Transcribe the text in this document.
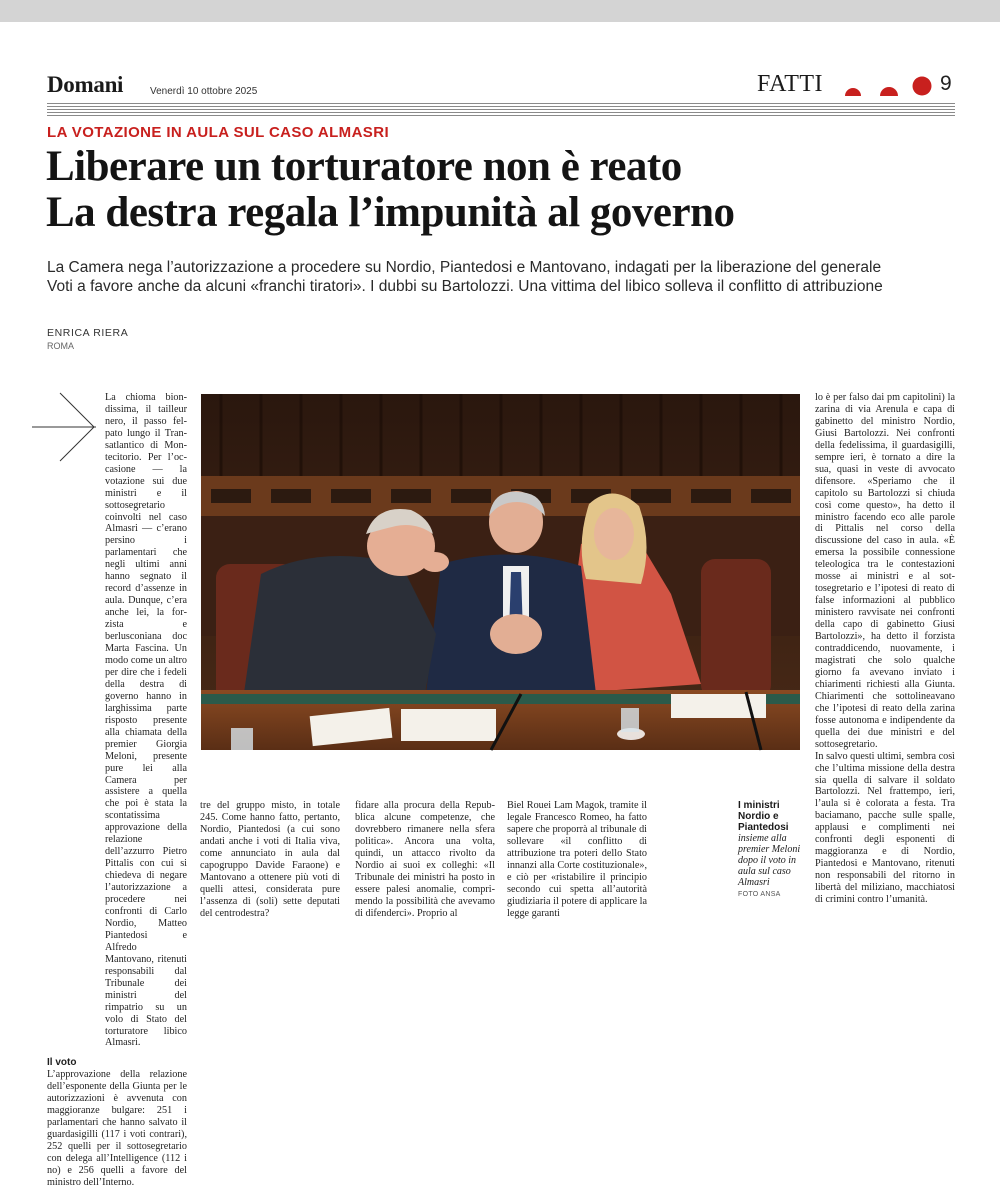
Domani	Venerdì 10 ottobre 2025	FATTI	9
LA VOTAZIONE IN AULA SUL CASO ALMASRI
Liberare un torturatore non è reato
La destra regala l’impunità al governo
La Camera nega l’autorizzazione a procedere su Nordio, Piantedosi e Mantovano, indagati per la liberazione del generale
Voti a favore anche da alcuni «franchi tiratori». I dubbi su Bartolozzi. Una vittima del libico solleva il conflitto di attribuzione
ENRICA RIERA
ROMA

La chioma biondissima, il tailleur nero, il passo felpato lungo il Transatlantico di Montecitorio. Per l’occasione — la votazione sui due ministri e il sottosegretario coinvolti nel caso Almasri — c’erano persino i parlamentari che negli ultimi anni hanno segnato il record d’assenze in aula. Dunque, c’era anche lei, la forzista e berlusconiana doc Marta Fascina. Un modo come un altro per dire che i fedeli della destra di governo hanno in larghissima parte risposto presente alla chiamata della premier Giorgia Meloni, presente pure lei alla Camera per assistere a quella che poi è stata la scontatissima approvazione della relazione dell’azzurro Pietro Pittalis con cui si chiedeva di negare l’autorizzazione a procedere nei confronti di Carlo Nordio, Matteo Piantedosi e Alfredo Mantovano, ritenuti responsabili dal Tribunale dei ministri del rimpatrio su un volo di Stato del torturatore libico Almasri.

Il voto

L’approvazione della relazione dell’esponente della Giunta per le autorizzazioni è avvenuta con maggioranze bulgare: 251 i parlamentari che hanno salvato il guardasigilli (117 i voti contrari), 252 quelli per il sottosegretario con delega all’Intelligence (112 i no) e 256 quelli a favore del ministro dell’Interno.

I ministri Nordio e Piantedosi
insieme alla premier Meloni dopo il voto in aula sul caso Almasri
FOTO ANSA

tre del gruppo misto, in totale 245. Come hanno fatto, pertanto, Nordio, Piantedosi (a cui sono andati anche i voti di Italia viva, come annunciato in aula dal capogruppo Davide Faraone) e Mantovano a ottenere più voti di quelli attesi, considerata pure l’assenza di (soli) sette deputati del centrodestra?

fidare alla procura della Repubblica alcune competenze, che dovrebbero rimanere nella sfera politica». Ancora una volta, quindi, un attacco rivolto da Nordio ai suoi ex colleghi: «Il Tribunale dei ministri ha posto in essere palesi anomalie, comprimendo la possibilità che avevamo di difenderci». Proprio al

Biel Rouei Lam Magok, tramite il legale Francesco Romeo, ha fatto sapere che proporrà al tribunale di sollevare «il conflitto di attribuzione tra poteri dello Stato innanzi alla Corte costituzionale», e ciò per «ristabilire il principio secondo cui spetta all’autorità giudiziaria il potere di applicare la legge garanti

lo è per falso dai pm capitolini) la zarina di via Arenula e capa di gabinetto del ministro Nordio, Giusi Bartolozzi. Nei confronti della fedelissima, il guardasigilli, sempre ieri, è tornato a dire la sua, quasi in veste di avvocato difensore. «Speriamo che il capitolo su Bartolozzi si chiuda così come questo», ha detto il ministro facendo eco alle parole di Pittalis nel corso della discussione del caso in aula. «È emersa la possibile connessione teleologica tra le contestazioni mosse ai ministri e al sottosegretario e l’ipotesi di reato di false informazioni al pubblico ministero ravvisate nei confronti della capo di gabinetto Giusi Bartolozzi», ha detto il forzista contraddicendo, nuovamente, i magistrati che solo qualche giorno fa avevano inviato i chiarimenti richiesti alla Giunta. Chiarimenti che sottolineavano che l’ipotesi di reato della zarina fosse autonoma e indipendente da quella dei due ministri e del sottosegretario.

In salvo questi ultimi, sembra così che l’ultima missione della destra sia quella di salvare il soldato Bartolozzi. Nel frattempo, ieri, l’aula si è colorata a festa. Tra baciamano, pacche sulle spalle, applausi e complimenti nei confronti degli esponenti di maggioranza e di Nordio, Piantedosi e Mantovano, ritenuti non responsabili del ritorno in libertà del miliziano, macchiatosi di crimini contro l’umanità.
